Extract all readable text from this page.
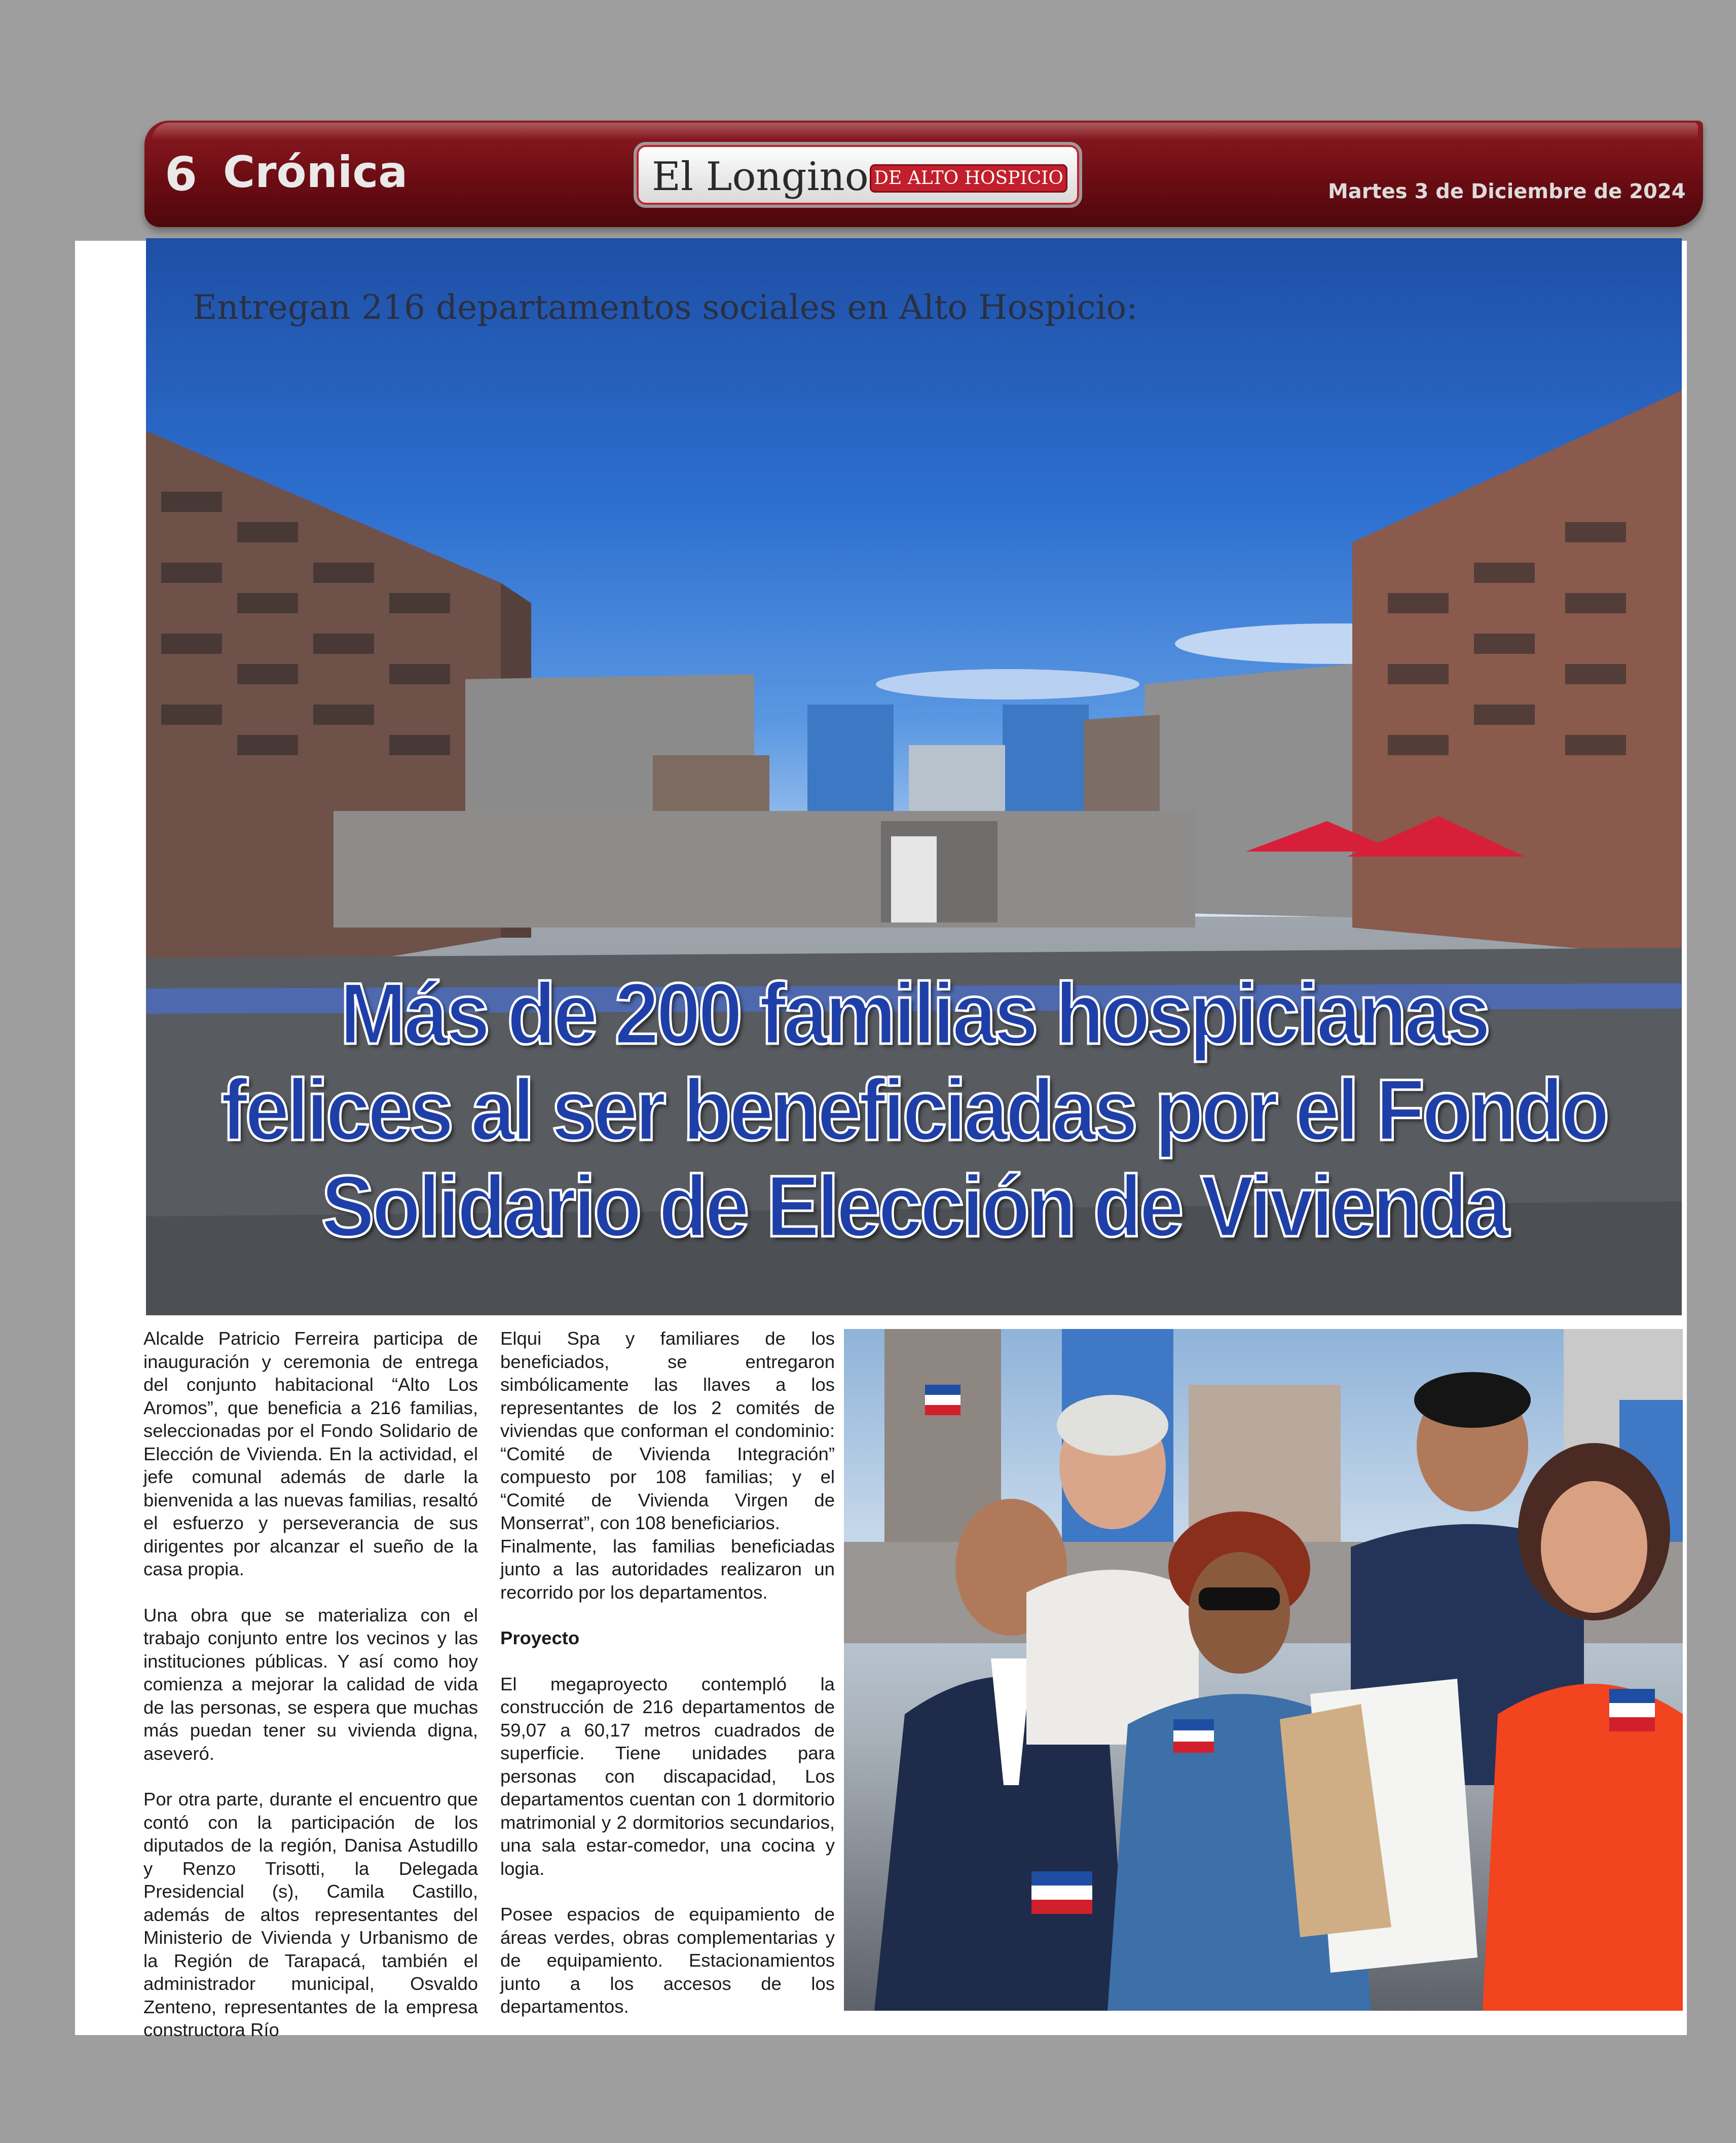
6 Crónica	El Longino DE ALTO HOSPICIO
Martes 3 de Diciembre de 2024
Entregan 216 departamentos sociales en Alto Hospicio:
Más de 200 familias hospicianas
felices al ser beneficiadas por el Fondo
Solidario de Elección de Vivienda

Alcalde Patricio Ferreira participa de inauguración y ceremonia de entrega del conjunto habitacional “Alto Los Aromos”, que beneficia a 216 familias, seleccionadas por el Fondo Solidario de Elección de Vivienda. En la actividad, el jefe comunal además de darle la bienvenida a las nuevas familias, resaltó el esfuerzo y perseverancia de sus dirigentes por alcanzar el sueño de la casa propia.

Una obra que se materializa con el trabajo conjunto entre los vecinos y las instituciones públicas. Y así como hoy comienza a mejorar la calidad de vida de las personas, se espera que muchas más puedan tener su vivienda digna, aseveró.

Por otra parte, durante el encuentro que contó con la participación de los diputados de la región, Danisa Astudillo y Renzo Trisotti, la Delegada Presidencial (s), Camila Castillo, además de altos representantes del Ministerio de Vivienda y Urbanismo de la Región de Tarapacá, también el administrador municipal, Osvaldo Zenteno, representantes de la empresa constructora Río

Elqui Spa y familiares de los beneficiados, se entregaron simbólicamente las llaves a los representantes de los 2 comités de viviendas que conforman el condominio: “Comité de Vivienda Integración” compuesto por 108 familias; y el “Comité de Vivienda Virgen de Monserrat”, con 108 beneficiarios.

Finalmente, las familias beneficiadas junto a las autoridades realizaron un recorrido por los departamentos.

Proyecto

El megaproyecto contempló la construcción de 216 departamentos de 59,07 a 60,17 metros cuadrados de superficie. Tiene unidades para personas con discapacidad, Los departamentos cuentan con 1 dormitorio matrimonial y 2 dormitorios secundarios, una sala estar-comedor, una cocina y logia.

Posee espacios de equipamiento de áreas verdes, obras complementarias y de equipamiento. Estacionamientos junto a los accesos de los departamentos.
